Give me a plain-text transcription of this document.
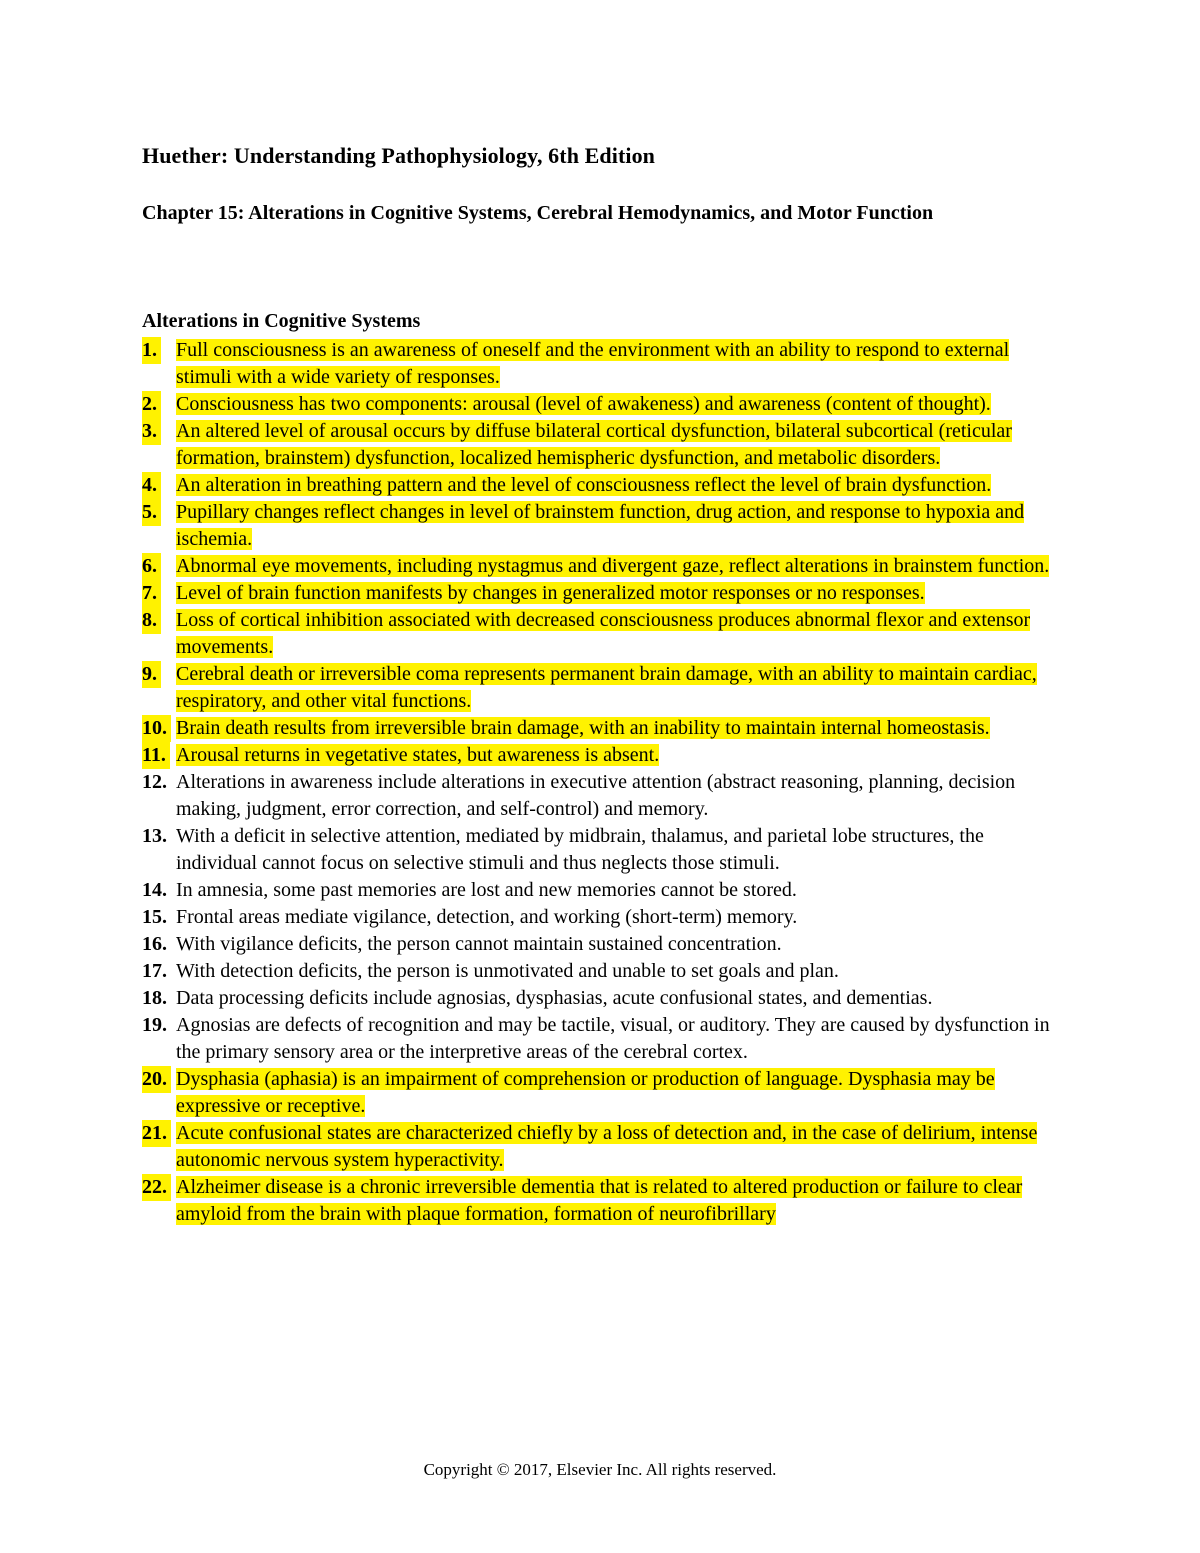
Huether: Understanding Pathophysiology, 6th Edition
Chapter 15: Alterations in Cognitive Systems, Cerebral Hemodynamics, and Motor Function
Alterations in Cognitive Systems
1. Full consciousness is an awareness of oneself and the environment with an ability to respond to external stimuli with a wide variety of responses.
2. Consciousness has two components: arousal (level of awakeness) and awareness (content of thought).
3. An altered level of arousal occurs by diffuse bilateral cortical dysfunction, bilateral subcortical (reticular formation, brainstem) dysfunction, localized hemispheric dysfunction, and metabolic disorders.
4. An alteration in breathing pattern and the level of consciousness reflect the level of brain dysfunction.
5. Pupillary changes reflect changes in level of brainstem function, drug action, and response to hypoxia and ischemia.
6. Abnormal eye movements, including nystagmus and divergent gaze, reflect alterations in brainstem function.
7. Level of brain function manifests by changes in generalized motor responses or no responses.
8. Loss of cortical inhibition associated with decreased consciousness produces abnormal flexor and extensor movements.
9. Cerebral death or irreversible coma represents permanent brain damage, with an ability to maintain cardiac, respiratory, and other vital functions.
10. Brain death results from irreversible brain damage, with an inability to maintain internal homeostasis.
11. Arousal returns in vegetative states, but awareness is absent.
12. Alterations in awareness include alterations in executive attention (abstract reasoning, planning, decision making, judgment, error correction, and self-control) and memory.
13. With a deficit in selective attention, mediated by midbrain, thalamus, and parietal lobe structures, the individual cannot focus on selective stimuli and thus neglects those stimuli.
14. In amnesia, some past memories are lost and new memories cannot be stored.
15. Frontal areas mediate vigilance, detection, and working (short-term) memory.
16. With vigilance deficits, the person cannot maintain sustained concentration.
17. With detection deficits, the person is unmotivated and unable to set goals and plan.
18. Data processing deficits include agnosias, dysphasias, acute confusional states, and dementias.
19. Agnosias are defects of recognition and may be tactile, visual, or auditory. They are caused by dysfunction in the primary sensory area or the interpretive areas of the cerebral cortex.
20. Dysphasia (aphasia) is an impairment of comprehension or production of language. Dysphasia may be expressive or receptive.
21. Acute confusional states are characterized chiefly by a loss of detection and, in the case of delirium, intense autonomic nervous system hyperactivity.
22. Alzheimer disease is a chronic irreversible dementia that is related to altered production or failure to clear amyloid from the brain with plaque formation, formation of neurofibrillary
Copyright © 2017, Elsevier Inc. All rights reserved.
